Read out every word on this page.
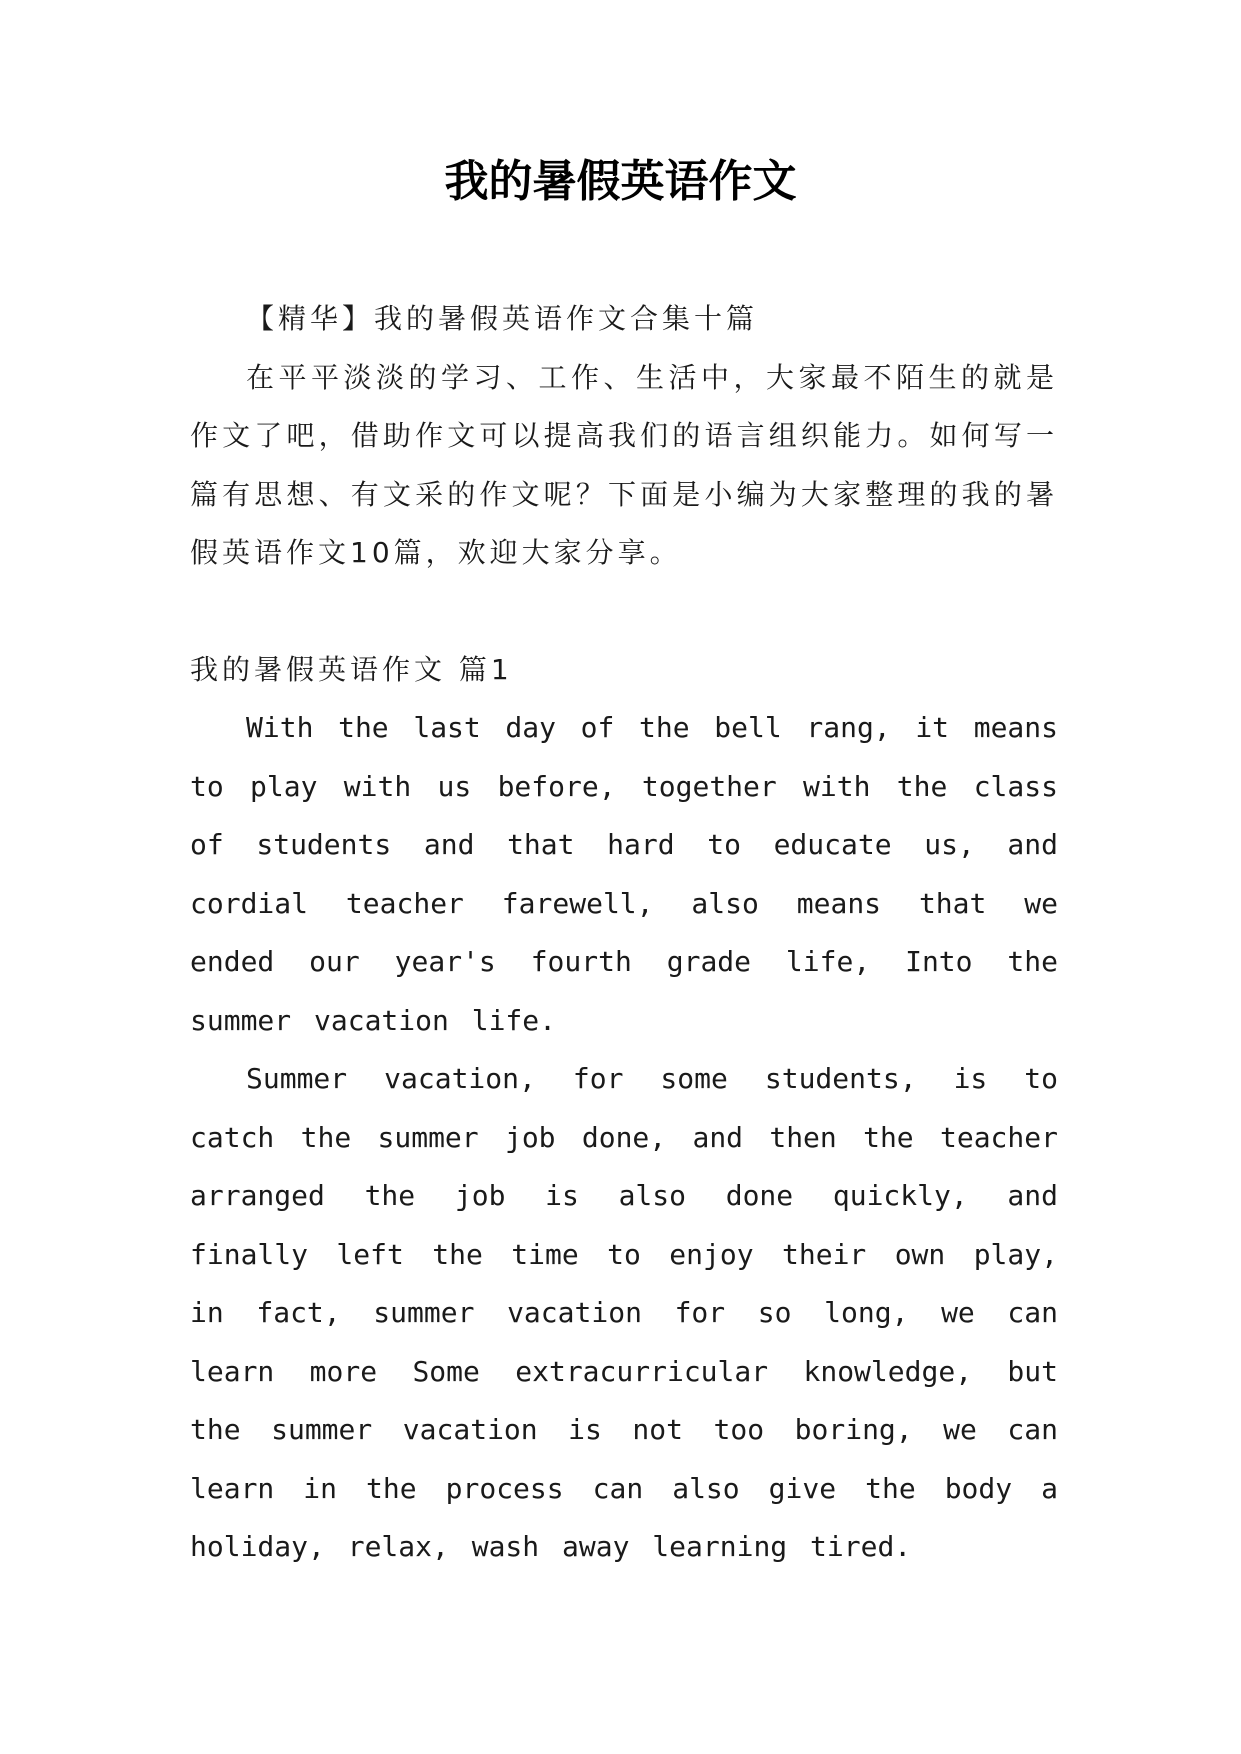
我的暑假英语作文

【精华】我的暑假英语作文合集十篇

在平平淡淡的学习、工作、生活中，大家最不陌生的就是作文了吧，借助作文可以提高我们的语言组织能力。如何写一篇有思想、有文采的作文呢？下面是小编为大家整理的我的暑假英语作文10篇，欢迎大家分享。

我的暑假英语作文 篇1

With the last day of the bell rang, it means to play with us before, together with the class of students and that hard to educate us, and cordial teacher farewell, also means that we ended our year's fourth grade life, Into the summer vacation life.

Summer vacation, for some students, is to catch the summer job done, and then the teacher arranged the job is also done quickly, and finally left the time to enjoy their own play, in fact, summer vacation for so long, we can learn more Some extracurricular knowledge, but the summer vacation is not too boring, we can learn in the process can also give the body a holiday, relax, wash away learning tired.
